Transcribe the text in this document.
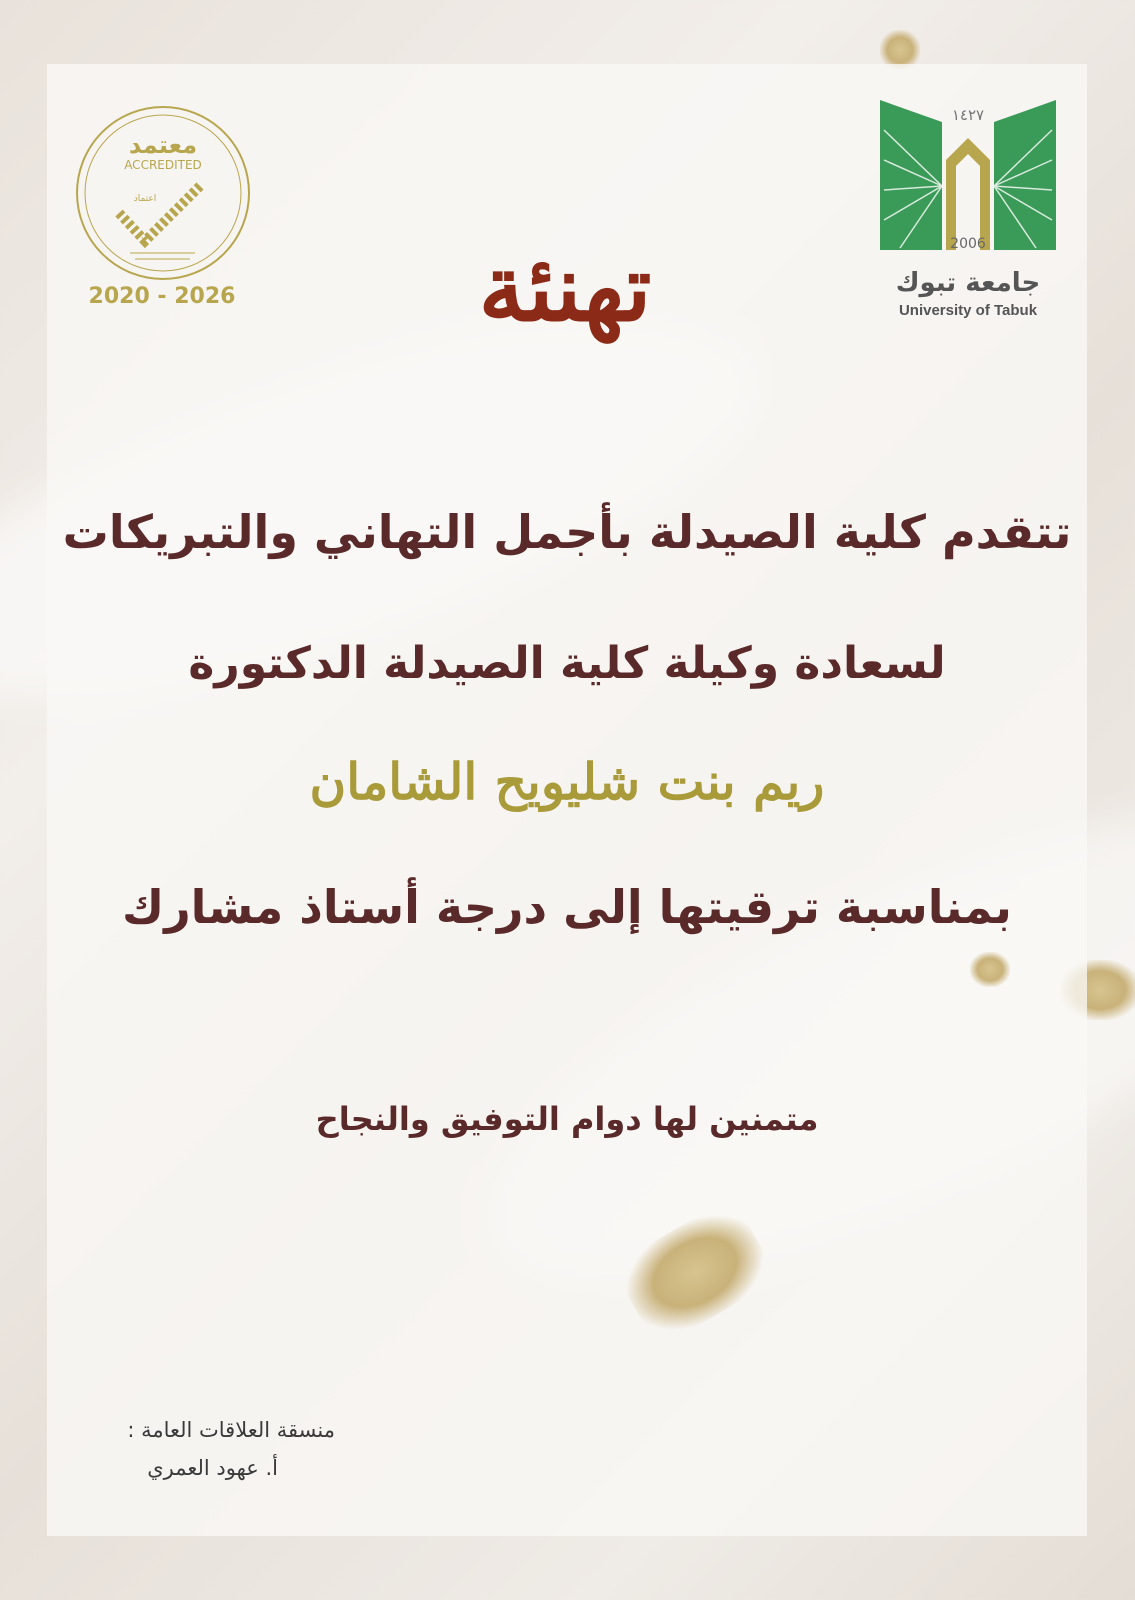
معتمد
ACCREDITED
اعتماد
2020 - 2026
١٤٢٧
2006
جامعة تبوك
University of Tabuk
تهنئة
تتقدم كلية الصيدلة بأجمل التهاني والتبريكات
لسعادة وكيلة كلية الصيدلة الدكتورة
ريم بنت شليويح الشامان
بمناسبة ترقيتها إلى درجة أستاذ مشارك
متمنين لها دوام التوفيق والنجاح
منسقة العلاقات العامة :
أ. عهود العمري
